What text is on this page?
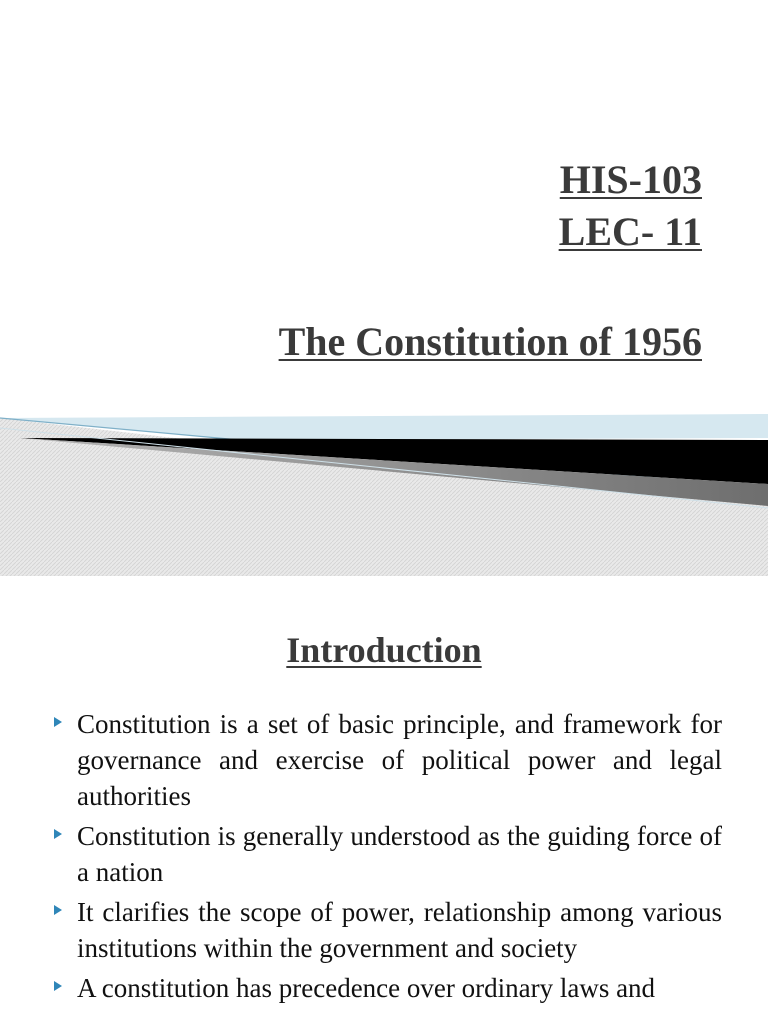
HIS-103
LEC- 11
The Constitution of 1956
Introduction
Constitution is a set of basic principle, and framework for governance and exercise of political power and legal authorities
Constitution is generally understood as the guiding force of a nation
It clarifies the scope of power, relationship among various institutions within the government and society
A constitution has precedence over ordinary laws and
